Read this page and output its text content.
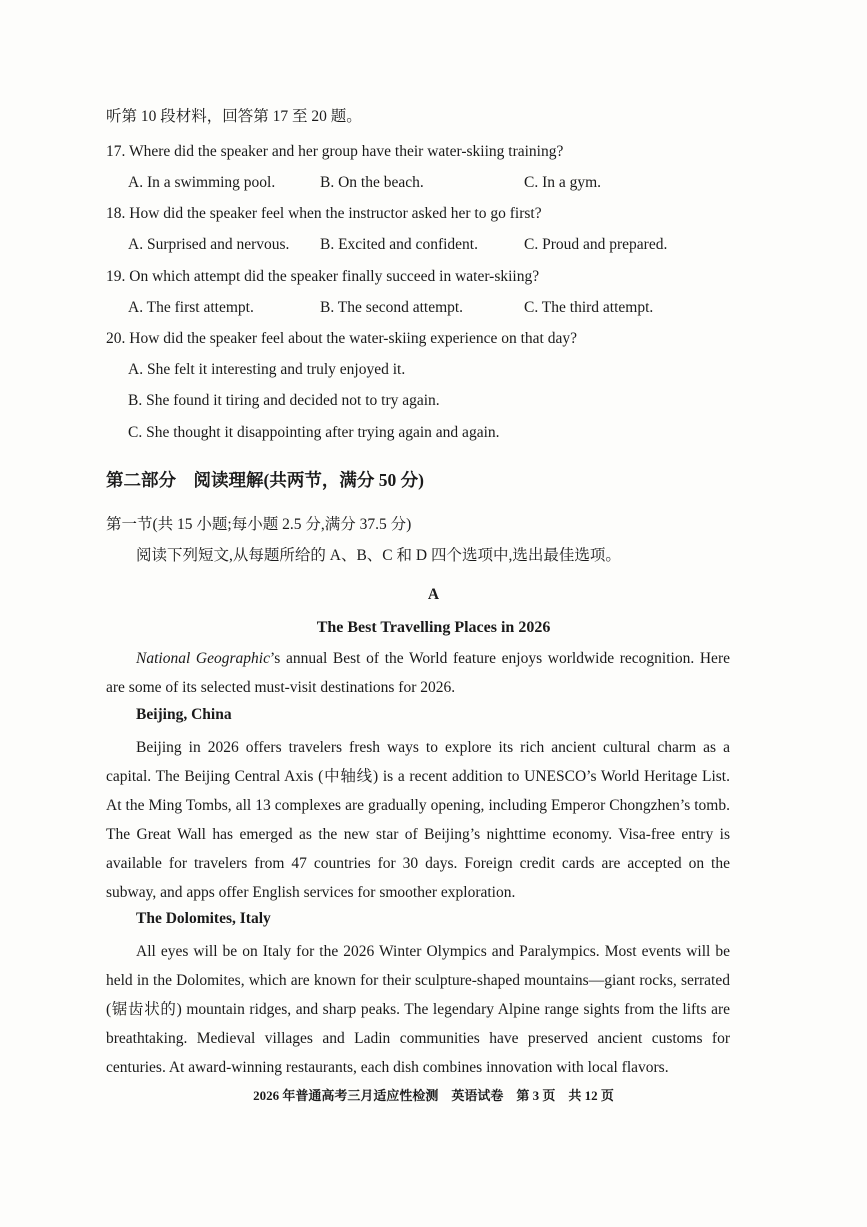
听第 10 段材料，回答第 17 至 20 题。
17. Where did the speaker and her group have their water-skiing training?
A. In a swimming pool.	B. On the beach.	C. In a gym.
18. How did the speaker feel when the instructor asked her to go first?
A. Surprised and nervous. B. Excited and confident.	C. Proud and prepared.
19. On which attempt did the speaker finally succeed in water-skiing?
A. The first attempt.	B. The second attempt.	C. The third attempt.
20. How did the speaker feel about the water-skiing experience on that day?
A. She felt it interesting and truly enjoyed it.
B. She found it tiring and decided not to try again.
C. She thought it disappointing after trying again and again.
第二部分　阅读理解(共两节，满分 50 分)
第一节(共 15 小题;每小题 2.5 分,满分 37.5 分)
阅读下列短文,从每题所给的 A、B、C 和 D 四个选项中,选出最佳选项。
A
The Best Travelling Places in 2026
National Geographic’s annual Best of the World feature enjoys worldwide recognition. Here are some of its selected must-visit destinations for 2026.
Beijing, China
Beijing in 2026 offers travelers fresh ways to explore its rich ancient cultural charm as a capital. The Beijing Central Axis (中轴线) is a recent addition to UNESCO’s World Heritage List. At the Ming Tombs, all 13 complexes are gradually opening, including Emperor Chongzhen’s tomb. The Great Wall has emerged as the new star of Beijing’s nighttime economy. Visa-free entry is available for travelers from 47 countries for 30 days. Foreign credit cards are accepted on the subway, and apps offer English services for smoother exploration.
The Dolomites, Italy
All eyes will be on Italy for the 2026 Winter Olympics and Paralympics. Most events will be held in the Dolomites, which are known for their sculpture-shaped mountains—giant rocks, serrated (锯齿状的) mountain ridges, and sharp peaks. The legendary Alpine range sights from the lifts are breathtaking. Medieval villages and Ladin communities have preserved ancient customs for centuries. At award-winning restaurants, each dish combines innovation with local flavors.
2026 年普通高考三月适应性检测　英语试卷　第 3 页　共 12 页
